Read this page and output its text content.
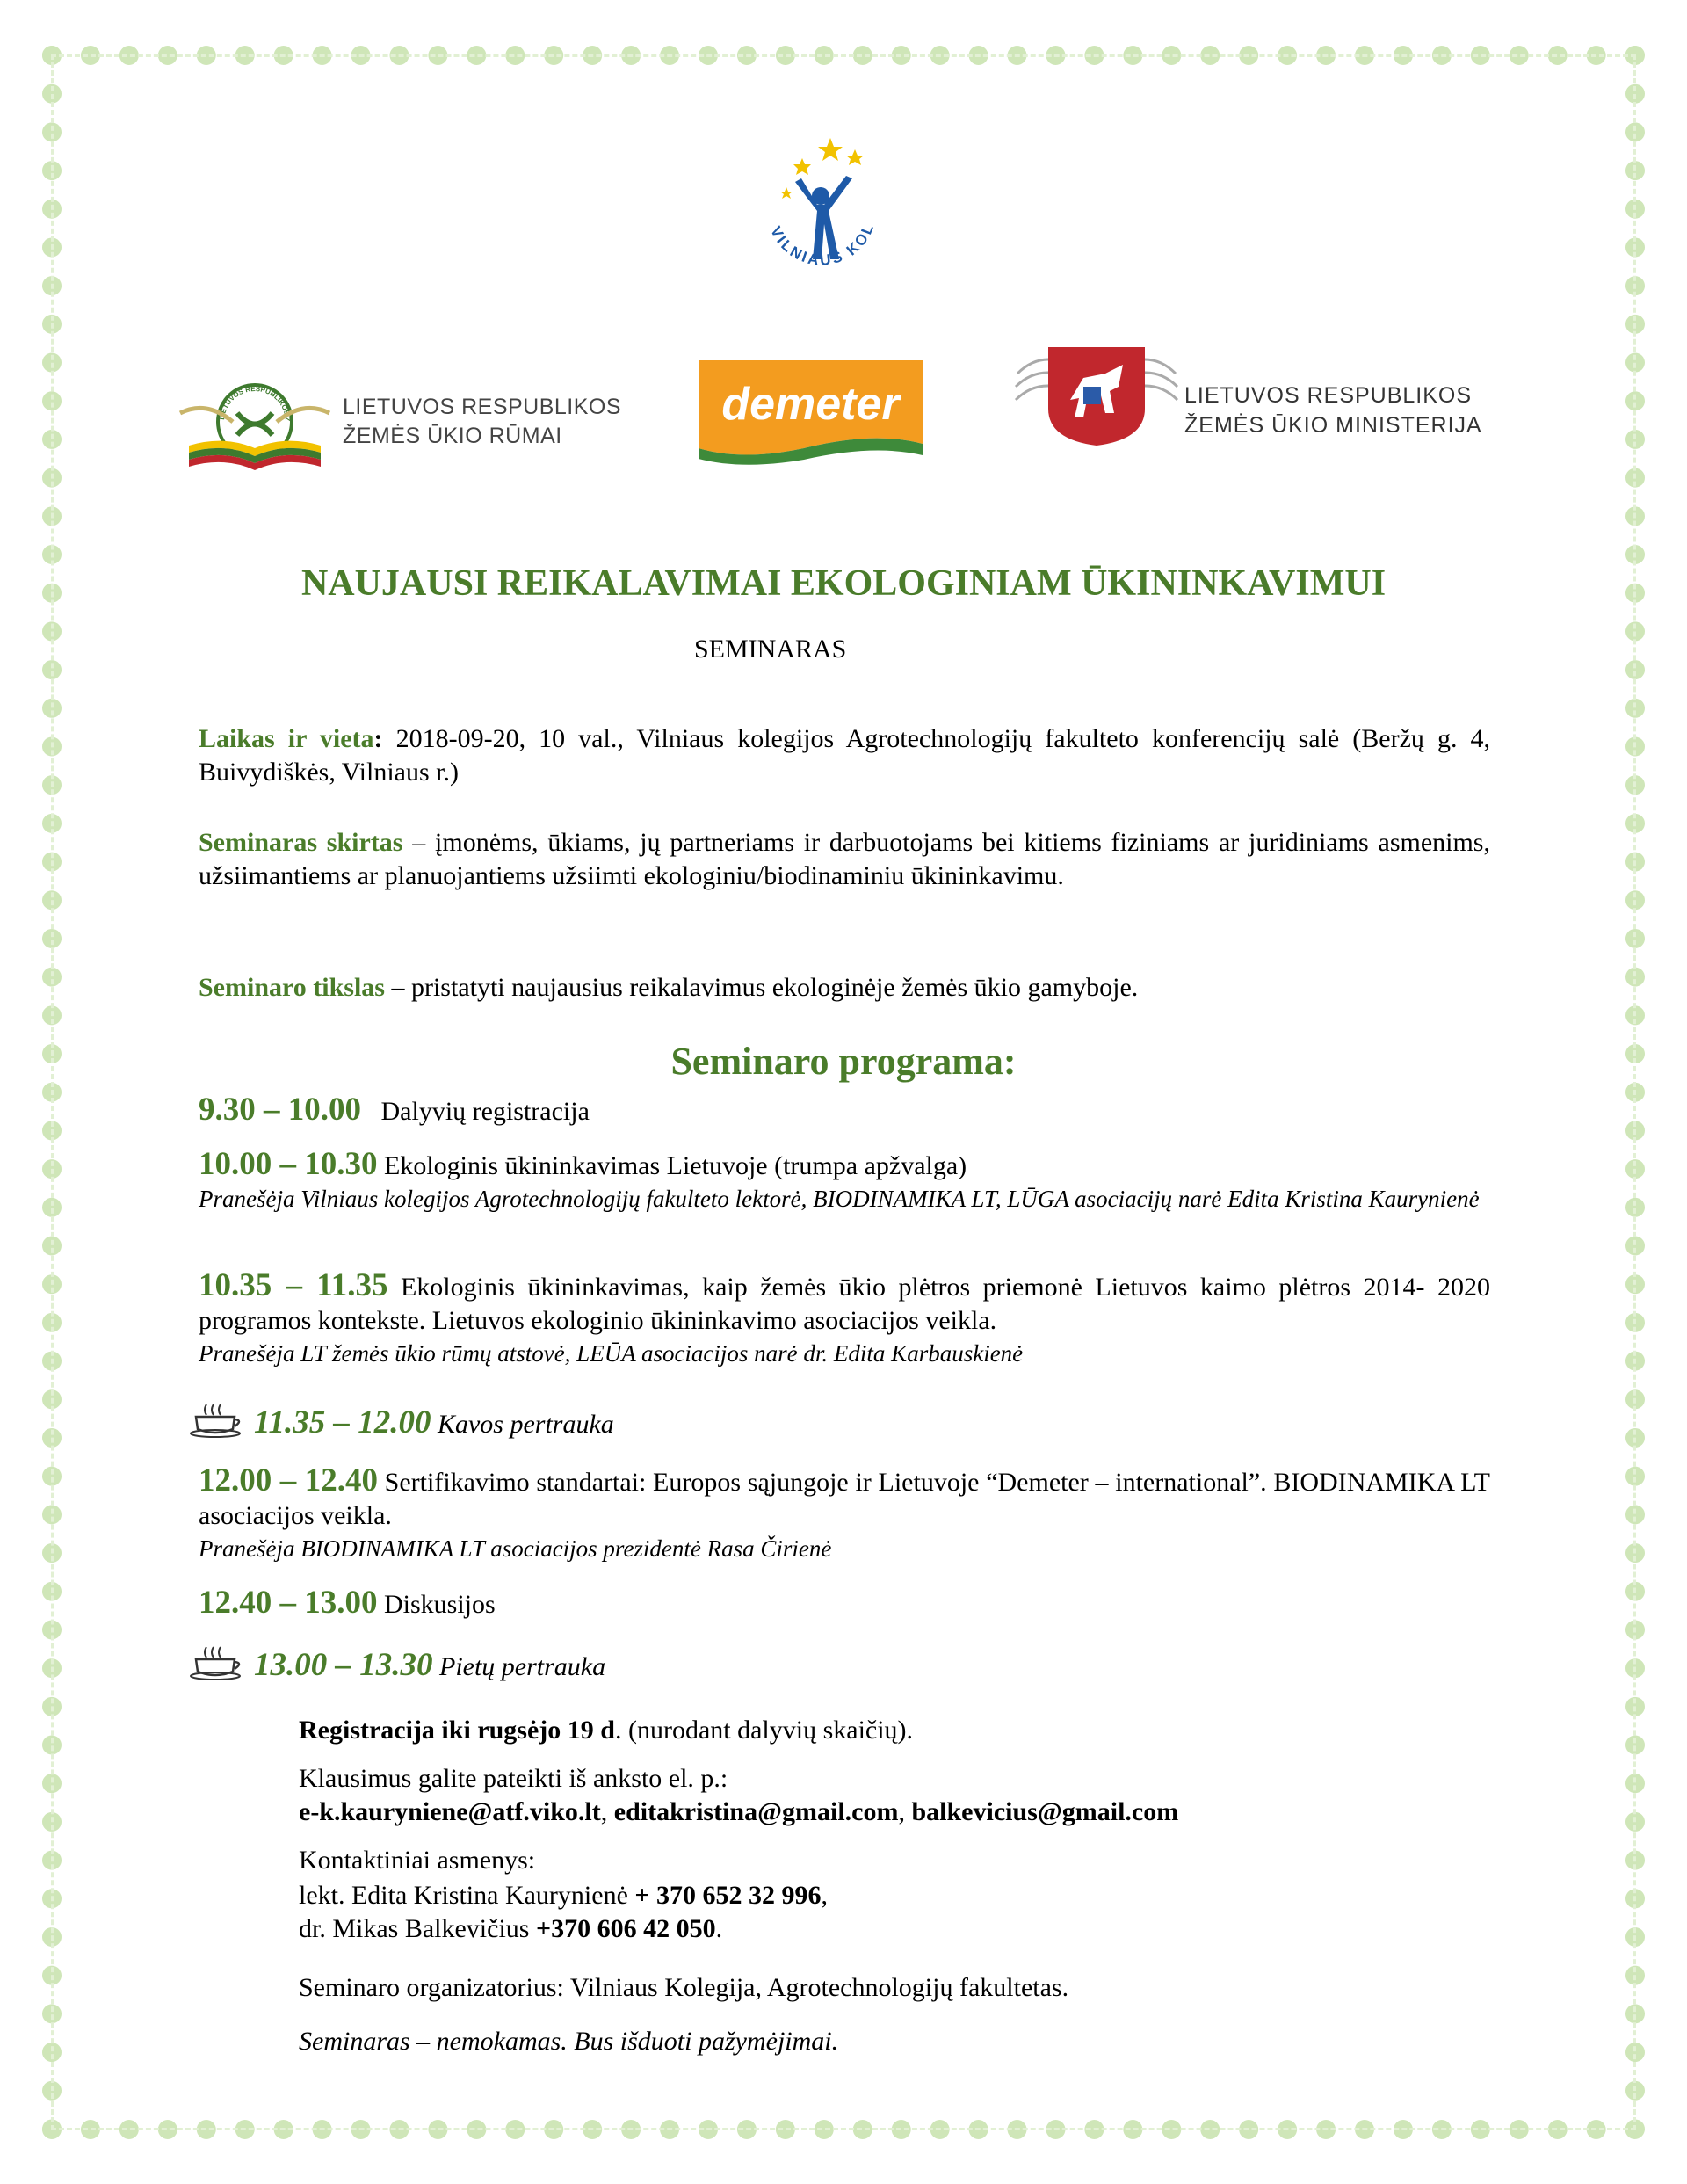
VILNIAUS KOL
LIETUVOS RESPUBLIKOS Ž
LIETUVOS RESPUBLIKOS
ŽEMĖS ŪKIO RŪMAI
demeter	LIETUVOS RESPUBLIKOS
ŽEMĖS ŪKIO MINISTERIJA
NAUJAUSI REIKALAVIMAI EKOLOGINIAM ŪKININKAVIMUI
SEMINARAS
Laikas ir vieta: 2018-09-20, 10 val., Vilniaus kolegijos Agrotechnologijų fakulteto konferencijų salė (Beržų g. 4, Buivydiškės, Vilniaus r.)
Seminaras skirtas – įmonėms, ūkiams, jų partneriams ir darbuotojams bei kitiems fiziniams ar juridiniams asmenims, užsiimantiems ar planuojantiems užsiimti ekologiniu/biodinaminiu ūkininkavimu.
Seminaro tikslas – pristatyti naujausius reikalavimus ekologinėje žemės ūkio gamyboje.
Seminaro programa:
9.30 – 10.00 Dalyvių registracija
10.00 – 10.30 Ekologinis ūkininkavimas Lietuvoje (trumpa apžvalga)
Pranešėja Vilniaus kolegijos Agrotechnologijų fakulteto lektorė, BIODINAMIKA LT, LŪGA asociacijų narė Edita Kristina Kaurynienė
10.35 – 11.35 Ekologinis ūkininkavimas, kaip žemės ūkio plėtros priemonė Lietuvos kaimo plėtros 2014- 2020 programos kontekste. Lietuvos ekologinio ūkininkavimo asociacijos veikla.
Pranešėja LT žemės ūkio rūmų atstovė, LEŪA asociacijos narė dr. Edita Karbauskienė
11.35 – 12.00 Kavos pertrauka
12.00 – 12.40 Sertifikavimo standartai: Europos sąjungoje ir Lietuvoje “Demeter – international”. BIODINAMIKA LT asociacijos veikla.
Pranešėja BIODINAMIKA LT asociacijos prezidentė Rasa Čirienė
12.40 – 13.00 Diskusijos
13.00 – 13.30 Pietų pertrauka
Registracija iki rugsėjo 19 d. (nurodant dalyvių skaičių).
Klausimus galite pateikti iš anksto el. p.:
e-k.kauryniene@atf.viko.lt, editakristina@gmail.com, balkevicius@gmail.com
Kontaktiniai asmenys:
lekt. Edita Kristina Kaurynienė + 370 652 32 996,
dr. Mikas Balkevičius +370 606 42 050.
Seminaro organizatorius: Vilniaus Kolegija, Agrotechnologijų fakultetas.
Seminaras – nemokamas. Bus išduoti pažymėjimai.
